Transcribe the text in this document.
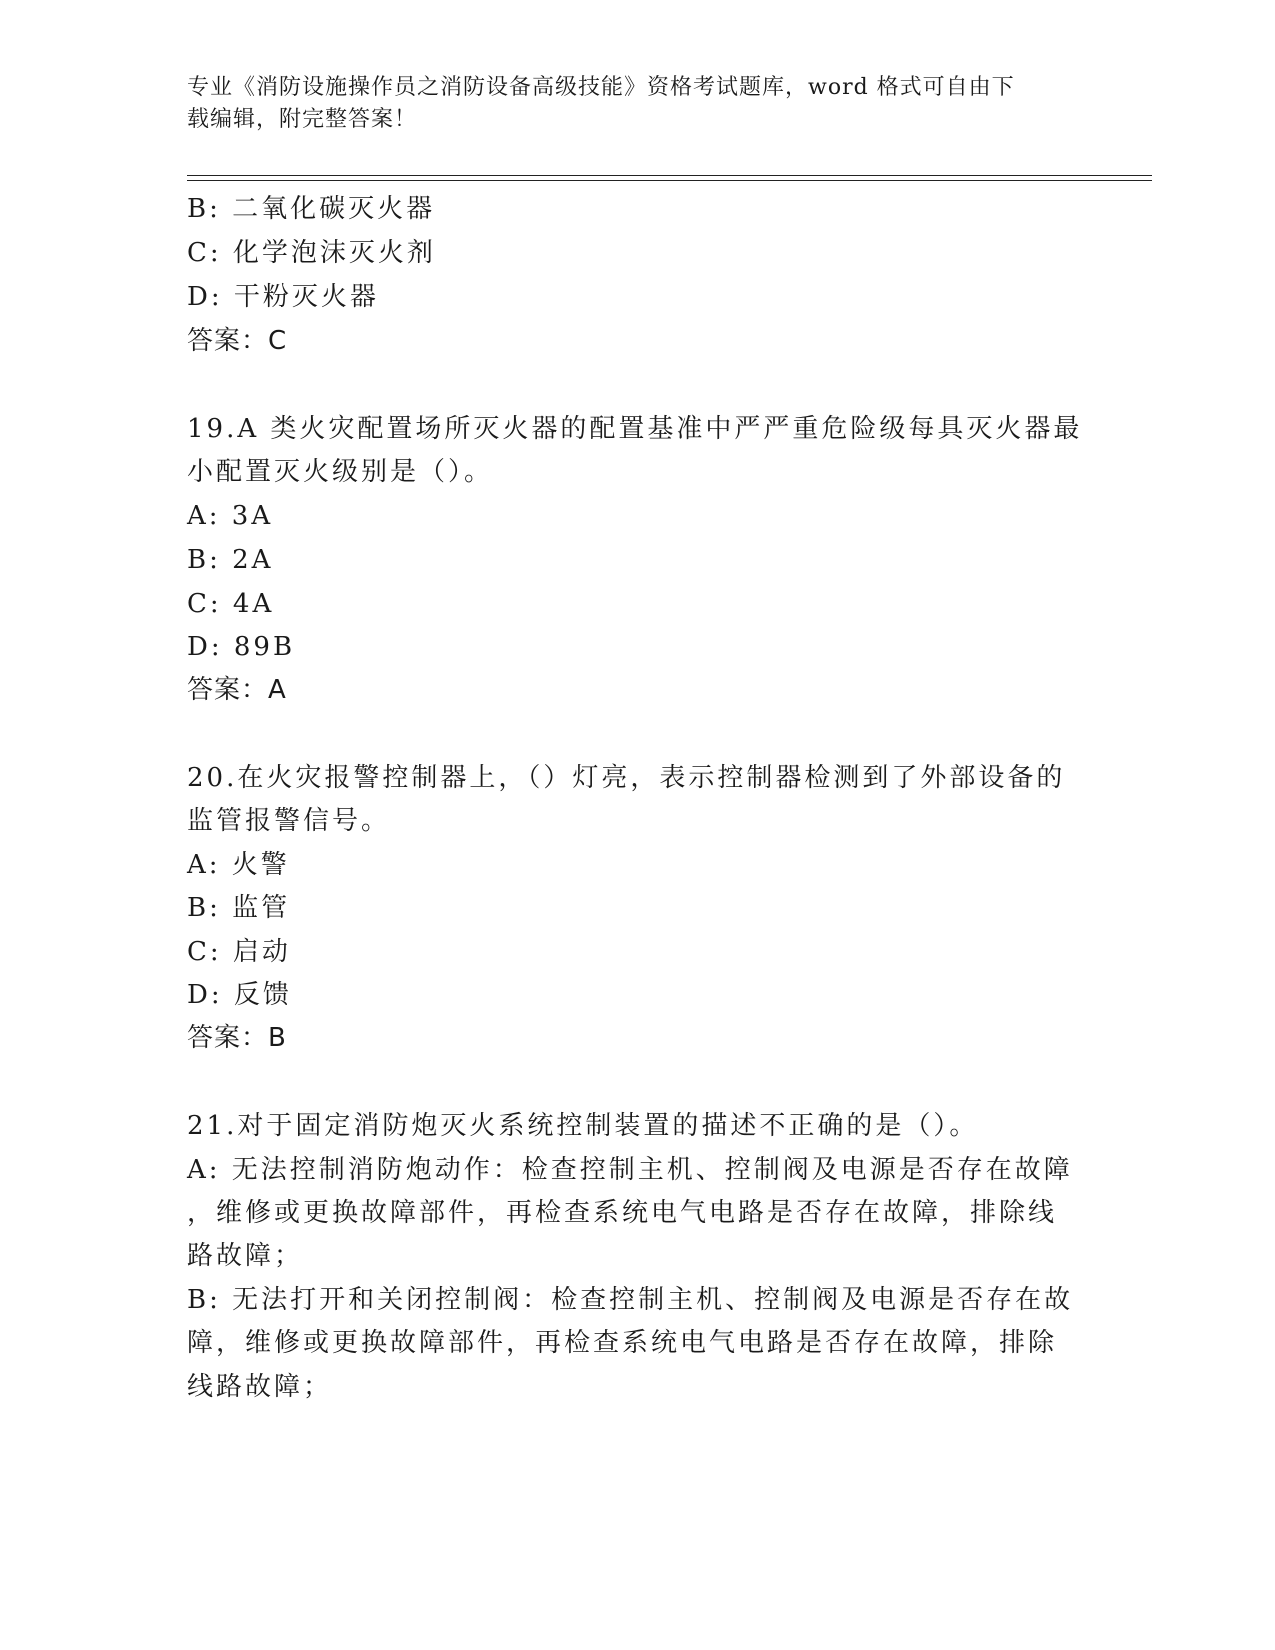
专业《消防设施操作员之消防设备高级技能》资格考试题库，word 格式可自由下
载编辑，附完整答案！
B: 二氧化碳灭火器
C: 化学泡沫灭火剂
D: 干粉灭火器
答案：C
19.A 类火灾配置场所灭火器的配置基准中严严重危险级每具灭火器最
小配置灭火级别是（）。
A: 3A
B: 2A
C: 4A
D: 89B
答案：A
20.在火灾报警控制器上，（）灯亮，表示控制器检测到了外部设备的
监管报警信号。
A: 火警
B: 监管
C: 启动
D: 反馈
答案：B
21.对于固定消防炮灭火系统控制装置的描述不正确的是（）。
A: 无法控制消防炮动作：检查控制主机、控制阀及电源是否存在故障
，维修或更换故障部件，再检查系统电气电路是否存在故障，排除线
路故障；
B: 无法打开和关闭控制阀：检查控制主机、控制阀及电源是否存在故
障，维修或更换故障部件，再检查系统电气电路是否存在故障，排除
线路故障；
